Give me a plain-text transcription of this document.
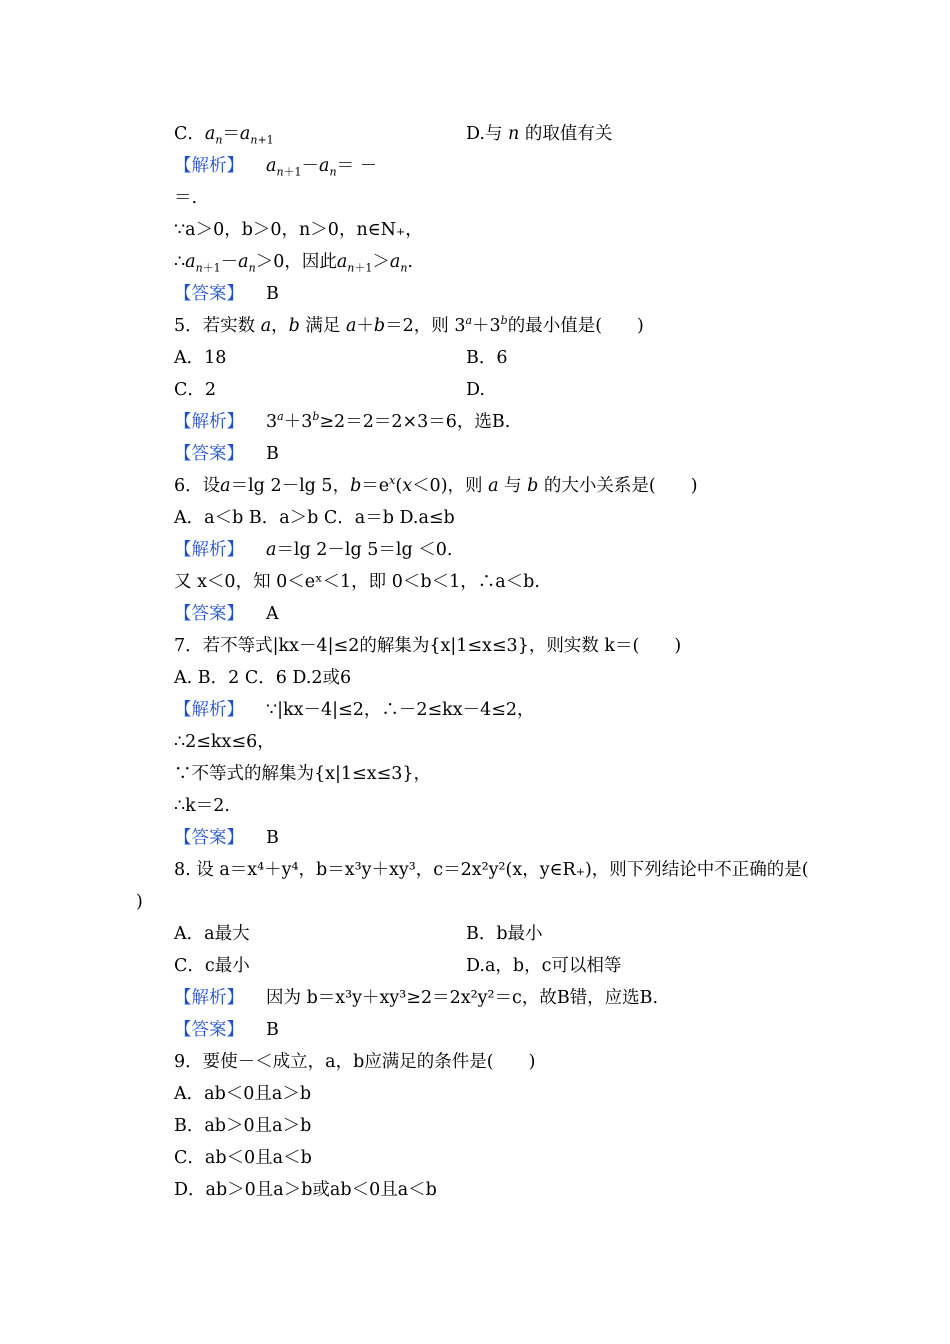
C．$a_n=a_{n+1}$	D.与 n 的取值有关
【解析】 $a_{n+1}-a_n=$ －
＝.
∵a＞0，b＞0，n＞0，n∈N₊，
$\therefore a_{n+1}-a_n>0$，因此$a_{n+1}>a_n$.
【答案】 B
5．若实数 a，b 满足 a＋b＝2，则 $3^a+3^b$的最小值是(　　)
A．18	B．6
C．2	D.
【解析】 $3^a+3^b\ge 2=2=2\times 3=6$，选B.
【答案】 B
6．设a＝lg 2－lg 5，$b=e^x(x<0)$，则 a 与 b 的大小关系是(　　)
A．a＜b B．a＞b C．a＝b D.a≤b
【解析】 a＝lg 2－lg 5＝lg ＜0.
又 x＜0，知 0＜eˣ＜1，即 0＜b＜1，∴a＜b.
【答案】 A
7．若不等式|kx－4|≤2的解集为{x|1≤x≤3}，则实数 k＝(　　)
A. B．2 C．6 D.2或6
【解析】 ∵|kx－4|≤2，∴－2≤kx－4≤2，
∴2≤kx≤6，
∵不等式的解集为{x|1≤x≤3}，
∴k＝2.
【答案】 B
8. 设 a＝x⁴＋y⁴，b＝x³y＋xy³，c＝2x²y²(x，y∈R₊)，则下列结论中不正确的是(
)
A．a最大	B．b最小
C．c最小	D.a，b，c可以相等
【解析】 因为 b＝x³y＋xy³≥2＝2x²y²＝c，故B错，应选B.
【答案】 B
9．要使－＜成立，a，b应满足的条件是(　　)
A．ab＜0且a＞b
B．ab＞0且a＞b
C．ab＜0且a＜b
D．ab＞0且a＞b或ab＜0且a＜b
